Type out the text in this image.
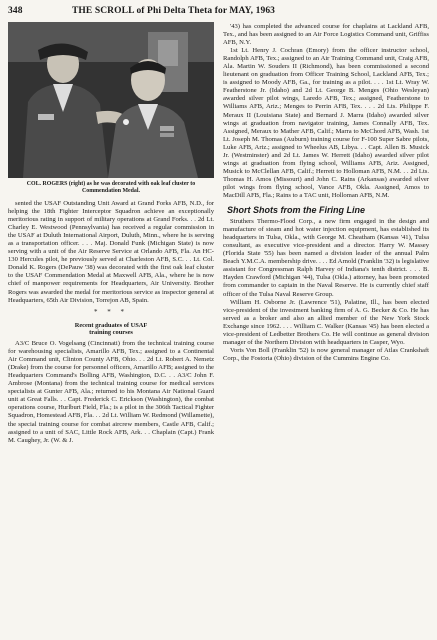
348	THE SCROLL of Phi Delta Theta for MAY, 1963
COL. ROGERS (right) as he was decorated with oak leaf cluster to Commendation Medal.

sented the USAF Outstanding Unit Award at Grand Forks AFB, N.D., for helping the 18th Fighter Interceptor Squadron achieve an exceptionally meritorious rating in support of military operations at Grand Forks. . . 2d Lt. Charley E. Westwood (Pennsylvania) has received a regular commission in the USAF at Duluth International Airport, Duluth, Minn., where he is serving as a transportation officer. . . . Maj. Donald Funk (Michigan State) is now serving with a unit of the Air Reserve Service at Orlando AFB, Fla. An HC-130 Hercules pilot, he previously served at Charleston AFB, S.C. . . Lt. Col. Donald K. Rogers (DePauw '38) was decorated with the first oak leaf cluster to the USAF Commendation Medal at Maxwell AFB, Ala., where he is now chief of manpower requirements for Headquarters, Air University. Brother Rogers was awarded the medal for meritorious service as inspector general at Headquarters, 65th Air Division, Torrejon AB, Spain.

* * *
Recent graduates of USAF
training courses

A3/C Bruce O. Vogelsang (Cincinnati) from the technical training course for warehousing specialists, Amarillo AFB, Tex.; assigned to a Continental Air Command unit, Clinton County AFB, Ohio. . . 2d Lt. Robert A. Nemetz (Drake) from the course for personnel officers, Amarillo AFB; assigned to the Headquarters Command's Bolling AFB, Washington, D.C. . . A3/C John F. Ambrose (Montana) from the technical training course for medical services specialists at Gunter AFB, Ala.; returned to his Montana Air National Guard unit at Great Falls. . . Capt. Frederick C. Erickson (Washington), the combat operations course, Hurlburt Field, Fla.; is a pilot in the 306th Tactical Fighter Squadron, Homestead AFB, Fla. . . 2d Lt. William W. Redmond (Willamette), the special training course for combat aircrew members, Castle AFB, Calif.; assigned to a unit of SAC, Little Rock AFB, Ark. . . Chaplain (Capt.) Frank M. Caughey, Jr. (W. & J.

'43) has completed the advanced course for chaplains at Lackland AFB, Tex., and has been assigned to an Air Force Logistics Command unit, Griffiss AFB, N.Y.

1st Lt. Henry J. Cochran (Emory) from the officer instructor school, Randolph AFB, Tex.; assigned to an Air Training Command unit, Craig AFB, Ala. Martin W. Souders II (Richmond), has been commissioned a second lieutenant on graduation from Officer Training School, Lackland AFB, Tex.; is assigned to Moody AFB, Ga., for training as a pilot. . . . 1st Lt. Wray W. Featherstone Jr. (Idaho) and 2d Lt. George B. Menges (Ohio Wesleyan) awarded silver pilot wings, Laredo AFB, Tex.; assigned, Featherstone to Williams AFB, Ariz.; Menges to Perrin AFB, Tex. . . . 2d Lts. Philippe F. Meraux II (Louisiana State) and Bernard J. Marra (Idaho) awarded silver wings at graduation from navigator training, James Connally AFB, Tex. Assigned, Meraux to Mather AFB, Calif.; Marra to McChord AFB, Wash. 1st Lt. Joseph M. Thomas (Auburn) training course for F-100 Super Sabre pilots, Luke AFB, Ariz.; assigned to Wheelus AB, Libya. . . Capt. Allen B. Musick Jr. (Westminster) and 2d Lt. James W. Herrett (Idaho) awarded silver pilot wings at graduation from flying school, Williams AFB, Ariz. Assigned, Musick to McClellan AFB, Calif.; Herrett to Holloman AFB, N.M. . . 2d Lts. Thomas H. Amos (Missouri) and John C. Rains (Arkansas) awarded silver pilot wings from flying school, Vance AFB, Okla. Assigned, Amos to MacDill AFB, Fla.; Rains to a TAC unit, Holloman AFB, N.M.

Short Shots from the Firing Line

Struthers Thermo-Flood Corp., a new firm engaged in the design and manufacture of steam and hot water injection equipment, has established its headquarters in Tulsa, Okla., with George M. Cheatham (Kansas '41), Tulsa consultant, as executive vice-president and a director. Harry W. Massey (Florida State '55) has been named a division leader of the annual Palm Beach Y.M.C.A. membership drive. . . . Ed Arnold (Franklin '32) is legislative assistant for Congressman Ralph Harvey of Indiana's tenth district. . . . B. Hayden Crawford (Michigan '44), Tulsa (Okla.) attorney, has been promoted from commander to captain in the Naval Reserve. He is currently chief staff officer of the Tulsa Naval Reserve Group.

William H. Osborne Jr. (Lawrence '51), Palatine, Ill., has been elected vice-president of the investment banking firm of A. G. Becker & Co. He has served as a broker and also an allied member of the New York Stock Exchange since 1962. . . . William C. Walker (Kansas '45) has been elected a vice-president of Ledbetter Brothers Co. He will continue as general division manager of the Northern Division with headquarters in Casper, Wyo.

Voris Von Boll (Franklin '52) is now general manager of Atlas Crankshaft Corp., the Fostoria (Ohio) division of the Cummins Engine Co.
